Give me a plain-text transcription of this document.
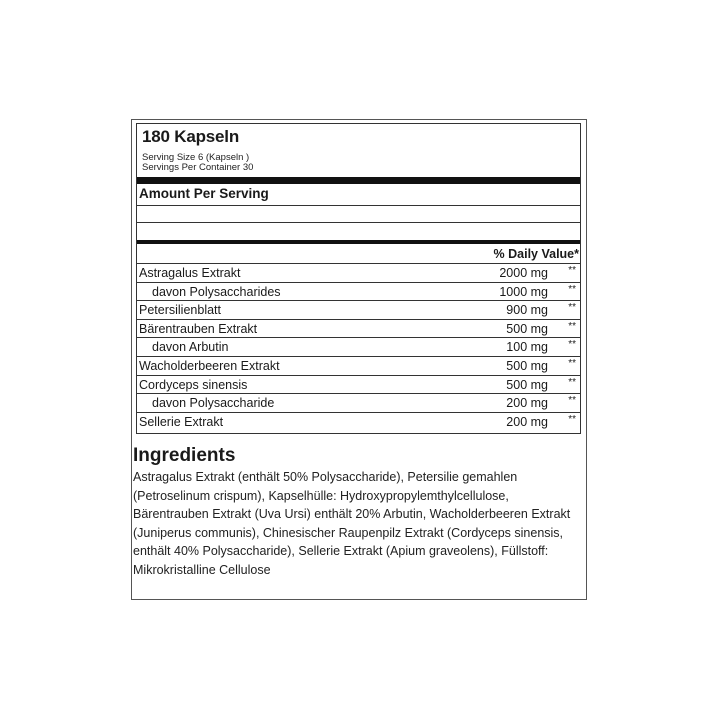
180 Kapseln
Serving Size 6 (Kapseln )
Servings Per Container 30
Amount Per Serving
% Daily Value*
Astragalus Extrakt	2000 mg **
davon Polysaccharides	1000 mg **
Petersilienblatt	900 mg **
Bärentrauben Extrakt	500 mg **
davon Arbutin	100 mg **
Wacholderbeeren Extrakt	500 mg **
Cordyceps sinensis	500 mg **
davon Polysaccharide	200 mg **
Sellerie Extrakt	200 mg **
Ingredients
Astragalus Extrakt (enthält 50% Polysaccharide), Petersilie gemahlen (Petroselinum crispum), Kapselhülle: Hydroxypropylemthylcellulose, Bärentrauben Extrakt (Uva Ursi) enthält 20% Arbutin, Wacholderbeeren Extrakt (Juniperus communis), Chinesischer Raupenpilz Extrakt (Cordyceps sinensis, enthält 40% Polysaccharide), Sellerie Extrakt (Apium graveolens), Füllstoff: Mikrokristalline Cellulose
